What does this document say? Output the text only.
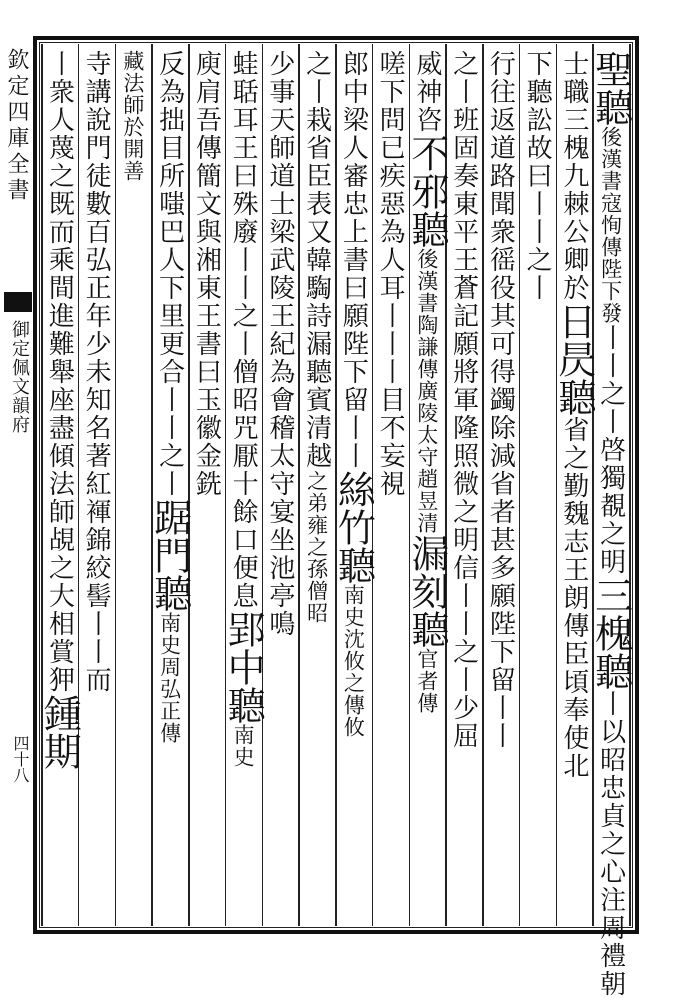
欽定四庫全書
御定佩文韻府
四十八
聖聽後漢書寇恂傳陛下發丨丨之丨啓獨覩之明三槐聽丨以昭忠貞之心注周禮朝
士職三槐九棘公卿於日昃聽省之勤魏志王朗傳臣頃奉使北
下聽訟故曰丨丨之丨
行往返道路聞衆徭役其可得蠲除減省者甚多願陛下留丨丨
之丨班固奏東平王蒼記願將軍隆照微之明信丨丨之丨少屈
威神咨不邪聽後漢書陶謙傳廣陵太守趙昱清漏刻聽官者傳
嗟下問已疾惡為人耳丨丨丨目不妄視
郎中梁人審忠上書曰願陛下留丨丨絲竹聽南史沈攸之傳攸
之丨栽省臣表又韓騊詩漏聽賓清越之弟雍之孫僧昭
少事天師道士梁武陵王紀為會稽太守宴坐池亭鳴
蛙聒耳王曰殊廢丨丨之丨僧昭咒厭十餘口便息郢中聽南史
庾肩吾傳簡文與湘東王書曰玉徽金銑
反為拙目所嗤巴人下里更合丨丨之丨踞門聽南史周弘正傳
藏法師於開善
寺講說門徒數百弘正年少未知名著紅褌錦絞髻丨丨而
丨衆人蔑之既而乘間進難舉座盡傾法師覘之大相賞狎鍾期
